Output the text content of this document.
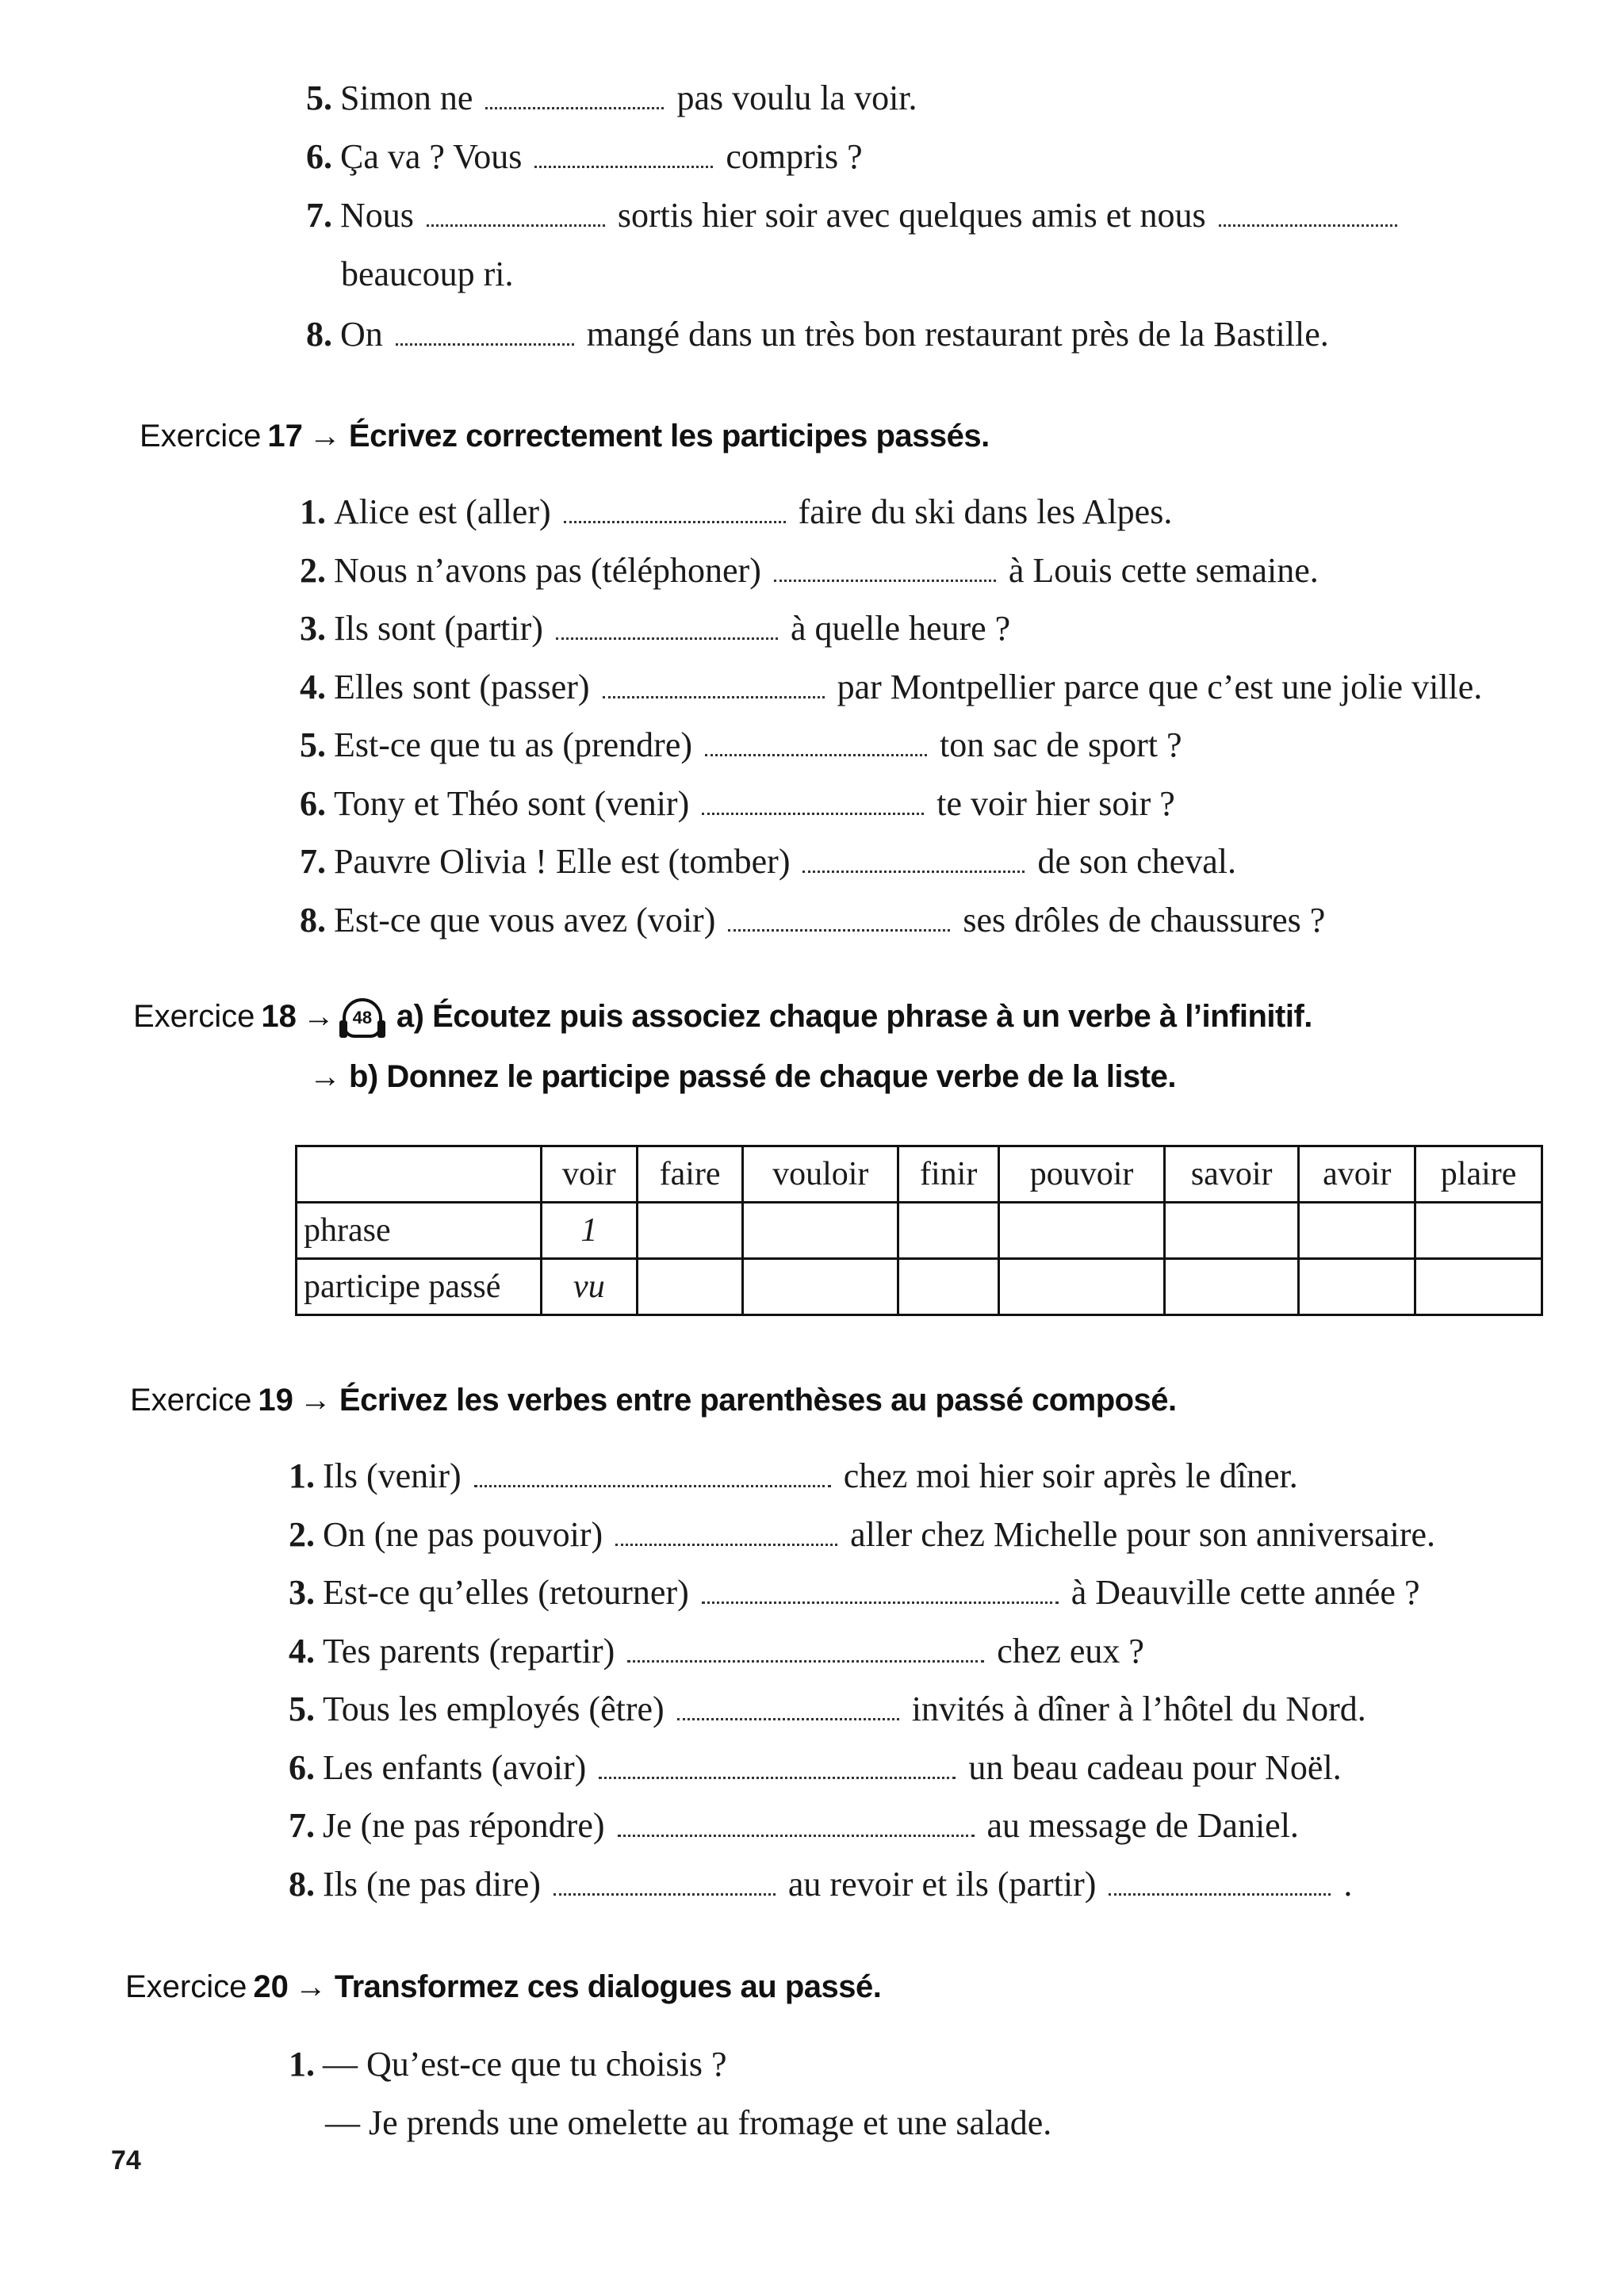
5. Simon ne	pas voulu la voir.
6. Ça va ? Vous	compris ?
7. Nous	sortis hier soir avec quelques amis et nous
beaucoup ri.
8. On	mangé dans un très bon restaurant près de la Bastille.
Exercice 17 → Écrivez correctement les participes passés.
1. Alice est (aller)	faire du ski dans les Alpes.
2. Nous n’avons pas (téléphoner)	à Louis cette semaine.
3. Ils sont (partir)	à quelle heure ?
4. Elles sont (passer)	par Montpellier parce que c’est une jolie ville.
5. Est-ce que tu as (prendre)	ton sac de sport ?
6. Tony et Théo sont (venir)	te voir hier soir ?
7. Pauvre Olivia ! Elle est (tomber)	de son cheval.
8. Est-ce que vous avez (voir)	ses drôles de chaussures ?
Exercice 18 → 48 a) Écoutez puis associez chaque phrase à un verbe à l’infinitif.
→ b) Donnez le participe passé de chaque verbe de la liste.
	voir	faire	vouloir	finir	pouvoir	savoir	avoir	plaire
phrase	1							
participe passé	vu							
Exercice 19 → Écrivez les verbes entre parenthèses au passé composé.
1. Ils (venir)	chez moi hier soir après le dîner.
2. On (ne pas pouvoir)	aller chez Michelle pour son anniversaire.
3. Est-ce qu’elles (retourner)	à Deauville cette année ?
4. Tes parents (repartir)	chez eux ?
5. Tous les employés (être)	invités à dîner à l’hôtel du Nord.
6. Les enfants (avoir)	un beau cadeau pour Noël.
7. Je (ne pas répondre)	au message de Daniel.
8. Ils (ne pas dire)	au revoir et ils (partir)	.
Exercice 20 → Transformez ces dialogues au passé.
1. — Qu’est-ce que tu choisis ?
— Je prends une omelette au fromage et une salade.
74
